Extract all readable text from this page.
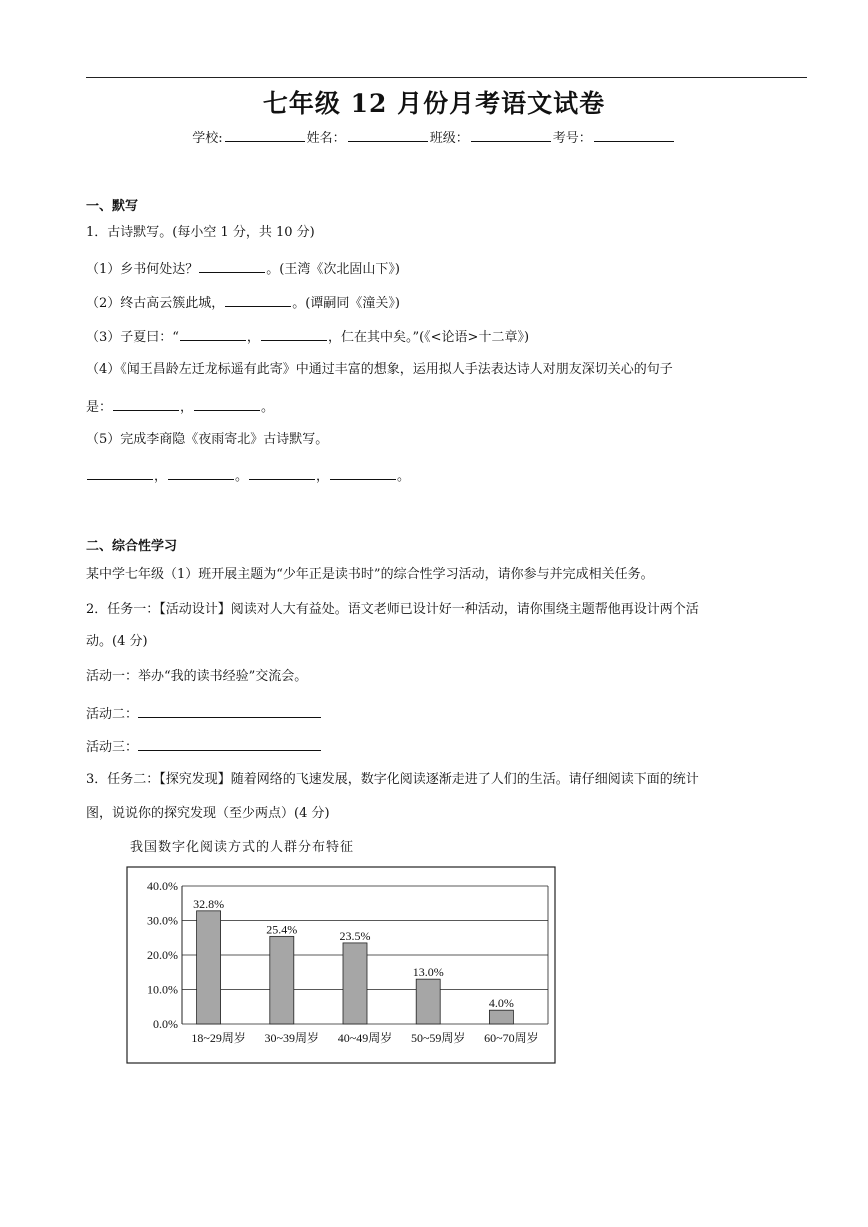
七年级 12 月份月考语文试卷
学校:	姓名：	班级：	考号：
一、默写
1．古诗默写。(每小空 1 分，共 10 分)
（1）乡书何处达？	。(王湾《次北固山下》)
（2）终古高云簇此城，	。(谭嗣同《潼关》)
（3）子夏曰：“	，	，仁在其中矣。”(《<论语>十二章》)
（4）《闻王昌龄左迁龙标遥有此寄》中通过丰富的想象，运用拟人手法表达诗人对朋友深切关心的句子
是：	，	。
（5）完成李商隐《夜雨寄北》古诗默写。
，	。	，	。
二、综合性学习
某中学七年级（1）班开展主题为“少年正是读书时”的综合性学习活动，请你参与并完成相关任务。
2．任务一：【活动设计】阅读对人大有益处。语文老师已设计好一种活动，请你围绕主题帮他再设计两个活
动。(4 分)
活动一：举办“我的读书经验”交流会。
活动二：
活动三：
3．任务二：【探究发现】随着网络的飞速发展，数字化阅读逐渐走进了人们的生活。请仔细阅读下面的统计
图，说说你的探究发现（至少两点）(4 分)
我国数字化阅读方式的人群分布特征
0.0%
10.0%
20.0%
30.0%
40.0%
32.8%
18~29周岁
25.4%
30~39周岁
23.5%
40~49周岁
13.0%
50~59周岁
4.0%
60~70周岁
